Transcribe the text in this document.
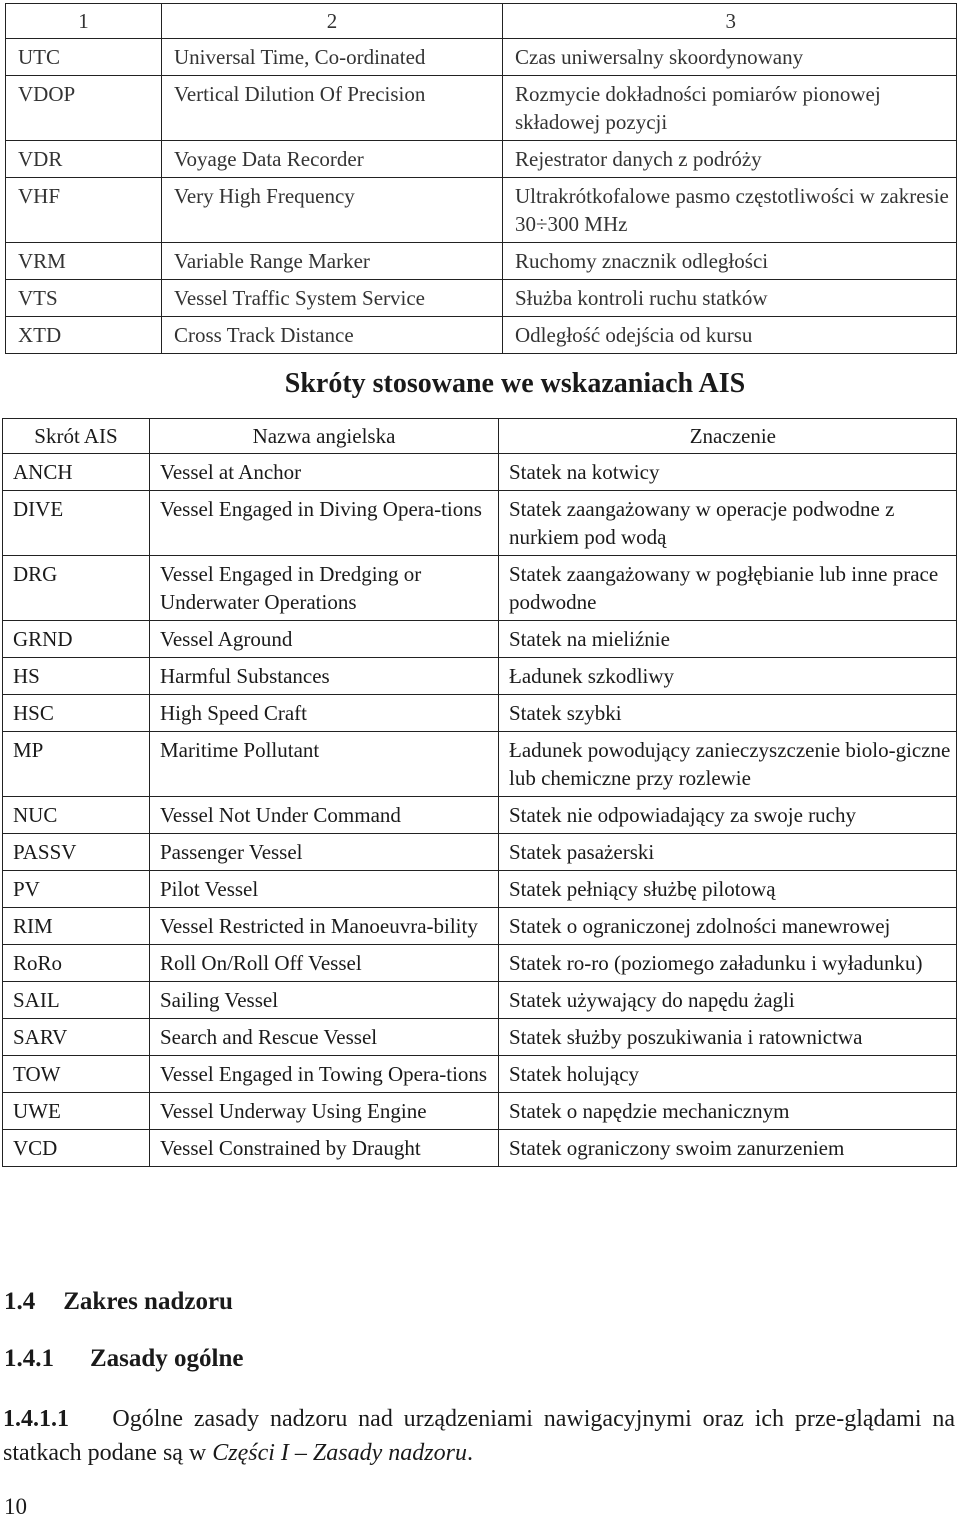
1	2	3
UTC	Universal Time, Co-ordinated	Czas uniwersalny skoordynowany
VDOP	Vertical Dilution Of Precision	Rozmycie dokładności pomiarów pionowej składowej pozycji
VDR	Voyage Data Recorder	Rejestrator danych z podróży
VHF	Very High Frequency	Ultrakrótkofalowe pasmo częstotliwości w zakresie 30÷300 MHz
VRM	Variable Range Marker	Ruchomy znacznik odległości
VTS	Vessel Traffic System Service	Służba kontroli ruchu statków
XTD	Cross Track Distance	Odległość odejścia od kursu
Skróty stosowane we wskazaniach AIS
Skrót AIS	Nazwa angielska	Znaczenie
ANCH	Vessel at Anchor	Statek na kotwicy
DIVE	Vessel Engaged in Diving Opera-tions	Statek zaangażowany w operacje podwodne z nurkiem pod wodą
DRG	Vessel Engaged in Dredging or Underwater Operations	Statek zaangażowany w pogłębianie lub inne prace podwodne
GRND	Vessel Aground	Statek na mieliźnie
HS	Harmful Substances	Ładunek szkodliwy
HSC	High Speed Craft	Statek szybki
MP	Maritime Pollutant	Ładunek powodujący zanieczyszczenie biolo-giczne lub chemiczne przy rozlewie
NUC	Vessel Not Under Command	Statek nie odpowiadający za swoje ruchy
PASSV	Passenger Vessel	Statek pasażerski
PV	Pilot Vessel	Statek pełniący służbę pilotową
RIM	Vessel Restricted in Manoeuvra-bility	Statek o ograniczonej zdolności manewrowej
RoRo	Roll On/Roll Off Vessel	Statek ro-ro (poziomego załadunku i wyładunku)
SAIL	Sailing Vessel	Statek używający do napędu żagli
SARV	Search and Rescue Vessel	Statek służby poszukiwania i ratownictwa
TOW	Vessel Engaged in Towing Opera-tions	Statek holujący
UWE	Vessel Underway Using Engine	Statek o napędzie mechanicznym
VCD	Vessel Constrained by Draught	Statek ograniczony swoim zanurzeniem
1.4 Zakres nadzoru
1.4.1 Zasady ogólne
1.4.1.1 Ogólne zasady nadzoru nad urządzeniami nawigacyjnymi oraz ich prze-glądami na statkach podane są w Części I – Zasady nadzoru.
10
